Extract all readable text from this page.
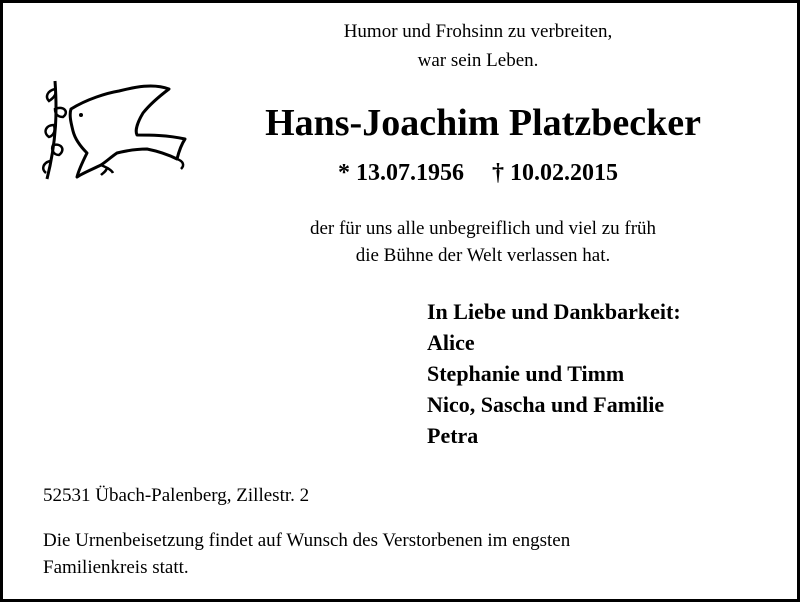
Humor und Frohsinn zu verbreiten,
war sein Leben.
Hans-Joachim Platzbecker
* 13.07.1956 † 10.02.2015
der für uns alle unbegreiflich und viel zu früh
die Bühne der Welt verlassen hat.
In Liebe und Dankbarkeit:
Alice
Stephanie und Timm
Nico, Sascha und Familie
Petra
52531 Übach-Palenberg, Zillestr. 2
Die Urnenbeisetzung findet auf Wunsch des Verstorbenen im engsten
Familienkreis statt.
